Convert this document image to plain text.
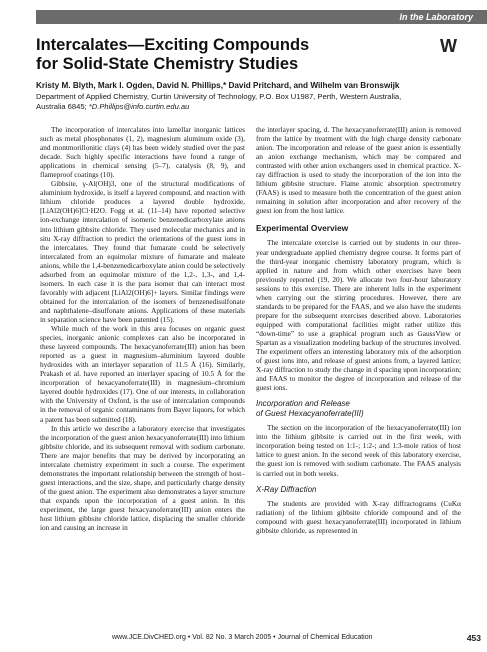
In the Laboratory
Intercalates—Exciting Compounds
for Solid-State Chemistry Studies
W
Kristy M. Blyth, Mark I. Ogden, David N. Phillips,* David Pritchard, and Wilhelm van Bronswijk
Department of Applied Chemistry, Curtin University of Technology, P.O. Box U1987, Perth, Western Australia,
Australia 6845; *D.Phillips@info.curtin.edu.au

The incorporation of intercalates into lamellar inorganic lattices such as metal phosphonates (1, 2), magnesium aluminum oxide (3), and montmorillonitic clays (4) has been widely studied over the past decade. Such highly specific interactions have found a range of applications in chemical sensing (5–7), catalysis (8, 9), and flameproof coatings (10).

Gibbsite, γ-Al(OH)3, one of the structural modifications of aluminium hydroxide, is itself a layered compound, and reaction with lithium chloride produces a layered double hydroxide, [LiAl2(OH)6]Cl·H2O. Fogg et al. (11–14) have reported selective ion-exchange intercalation of isomeric benzenedicarboxylate anions into lithium gibbsite chloride. They used molecular mechanics and in situ X-ray diffraction to predict the orientations of the guest ions in the intercalates. They found that fumarate could be selectively intercalated from an equimolar mixture of fumarate and maleate anions, while the 1,4-benzenedicarboxylate anion could be selectively adsorbed from an equimolar mixture of the 1,2-, 1,3-, and 1,4-isomers. In each case it is the para isomer that can interact most favorably with adjacent [LiAl2(OH)6]+ layers. Similar findings were obtained for the intercalation of the isomers of benzenedisulfonate and naphthalene–disulfonate anions. Applications of these materials in separation science have been patented (15).

While much of the work in this area focuses on organic guest species, inorganic anionic complexes can also be incorporated in these layered compounds. The hexacyanoferrate(III) anion has been reported as a guest in magnesium–aluminium layered double hydroxides with an interlayer separation of 11.5 Å (16). Similarly, Prakash et al. have reported an interlayer spacing of 10.5 Å for the incorporation of hexacyanoferrate(III) in magnesium–chromium layered double hydroxides (17). One of our interests, in collaboration with the University of Oxford, is the use of intercalation compounds in the removal of organic contaminants from Bayer liquors, for which a patent has been submitted (18).

In this article we describe a laboratory exercise that investigates the incorporation of the guest anion hexacyanoferrate(III) into lithium gibbsite chloride, and its subsequent removal with sodium carbonate. There are major benefits that may be derived by incorporating an intercalate chemistry experiment in such a course. The experiment demonstrates the important relationship between the strength of host–guest interactions, and the size, shape, and particularly charge density of the guest anion. The experiment also demonstrates a layer structure that expands upon the incorporation of a guest anion. In this experiment, the large guest hexacyanoferrate(III) anion enters the host lithium gibbsite chloride lattice, displacing the smaller chloride ion and causing an increase in

the interlayer spacing, d. The hexacyanoferrate(III) anion is removed from the lattice by treatment with the high charge density carbonate anion. The incorporation and release of the guest anion is essentially an anion exchange mechanism, which may be compared and contrasted with other anion exchangers used in chemical practice. X-ray diffraction is used to study the incorporation of the ion into the lithium gibbsite structure. Flame atomic absorption spectrometry (FAAS) is used to measure both the concentration of the guest anion remaining in solution after incorporation and after recovery of the guest ion from the host lattice.

Experimental Overview

The intercalate exercise is carried out by students in our three-year undergraduate applied chemistry degree course. It forms part of the third-year inorganic chemistry laboratory program, which is applied in nature and from which other exercises have been previously reported (19, 20). We allocate two four-hour laboratory sessions to this exercise. There are inherent lulls in the experiment when carrying out the stirring procedures. However, there are standards to be prepared for the FAAS, and we also have the students prepare for the subsequent exercises described above. Laboratories equipped with computational facilities might rather utilize this “down-time” to use a graphical program such as GaussView or Spartan as a visualization modeling backup of the structures involved. The experiment offers an interesting laboratory mix of the adsorption of guest ions into, and release of guest anions from, a layered lattice; X-ray diffraction to study the change in d spacing upon incorporation; and FAAS to monitor the degree of incorporation and release of the guest ions.

Incorporation and Release
of Guest Hexacyanoferrate(III)

The section on the incorporation of the hexacyanoferrate(III) ion into the lithium gibbsite is carried out in the first week, with incorporation being tested on 1:1-; 1:2-; and 1:3-mole ratios of host lattice to guest anion. In the second week of this laboratory exercise, the guest ion is removed with sodium carbonate. The FAAS analysis is carried out in both weeks.

X-Ray Diffraction

The students are provided with X-ray diffractograms (CuKα radiation) of the lithium gibbsite chloride compound and of the compound with guest hexacyanoferrate(III) incorporated in lithium gibbsite chloride, as represented in

www.JCE.DivCHED.org • Vol. 82 No. 3 March 2005 • Journal of Chemical Education	453
